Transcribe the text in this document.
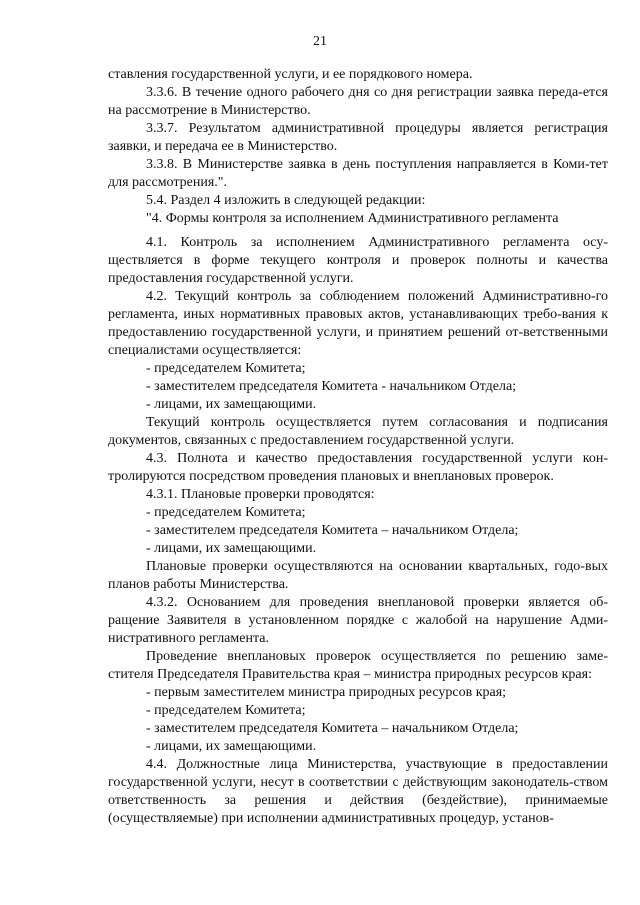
21

ставления государственной услуги, и ее порядкового номера.

3.3.6. В течение одного рабочего дня со дня регистрации заявка переда-ется на рассмотрение в Министерство.

3.3.7. Результатом административной процедуры является регистрация заявки, и передача ее в Министерство.

3.3.8. В Министерстве заявка в день поступления направляется в Коми-тет для рассмотрения.".

5.4. Раздел 4 изложить в следующей редакции:

"4. Формы контроля за исполнением Административного регламента

4.1. Контроль за исполнением Административного регламента осу-ществляется в форме текущего контроля и проверок полноты и качества предоставления государственной услуги.

4.2. Текущий контроль за соблюдением положений Административно-го регламента, иных нормативных правовых актов, устанавливающих требо-вания к предоставлению государственной услуги, и принятием решений от-ветственными специалистами осуществляется:

- председателем Комитета;

- заместителем председателя Комитета - начальником Отдела;

- лицами, их замещающими.

Текущий контроль осуществляется путем согласования и подписания документов, связанных с предоставлением государственной услуги.

4.3. Полнота и качество предоставления государственной услуги кон-тролируются посредством проведения плановых и внеплановых проверок.

4.3.1. Плановые проверки проводятся:

- председателем Комитета;

- заместителем председателя Комитета – начальником Отдела;

- лицами, их замещающими.

Плановые проверки осуществляются на основании квартальных, годо-вых планов работы Министерства.

4.3.2. Основанием для проведения внеплановой проверки является об-ращение Заявителя в установленном порядке с жалобой на нарушение Адми-нистративного регламента.

Проведение внеплановых проверок осуществляется по решению заме-стителя Председателя Правительства края – министра природных ресурсов края:

- первым заместителем министра природных ресурсов края;

- председателем Комитета;

- заместителем председателя Комитета – начальником Отдела;

- лицами, их замещающими.

4.4. Должностные лица Министерства, участвующие в предоставлении государственной услуги, несут в соответствии с действующим законодатель-ством ответственность за решения и действия (бездействие), принимаемые (осуществляемые) при исполнении административных процедур, установ-
